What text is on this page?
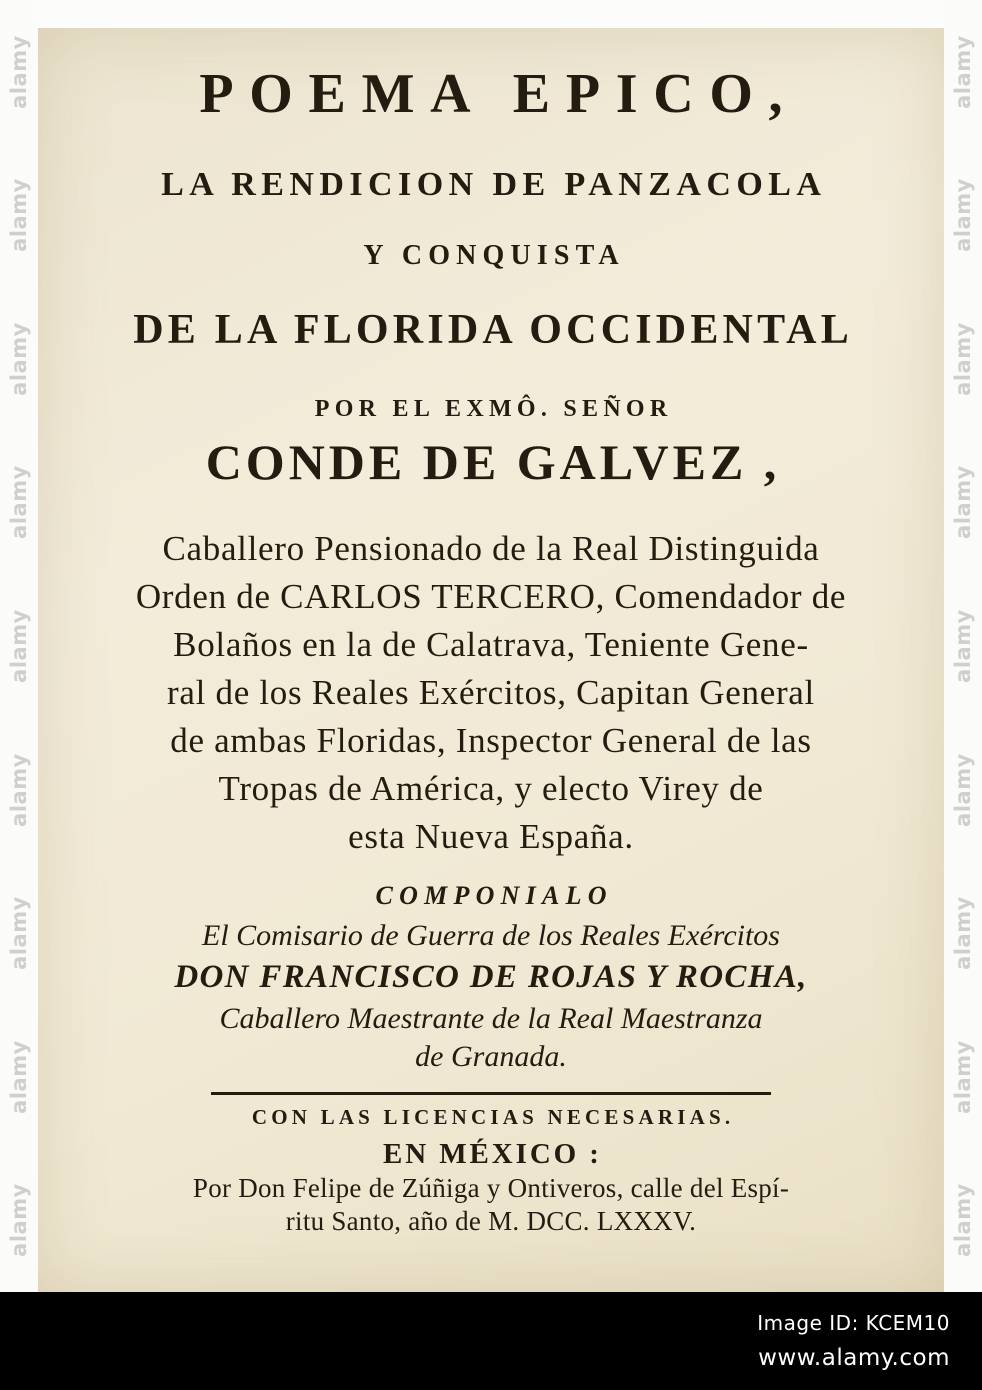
alamy
alamy
alamy
alamy
alamy
alamy
alamy
alamy
alamy
alamy
alamy
alamy
alamy
alamy
alamy
alamy
alamy
alamy
POEMA EPICO,
LA RENDICION DE PANZACOLA
Y CONQUISTA
DE LA FLORIDA OCCIDENTAL
POR EL EXMÔ. SEÑOR
CONDE DE GALVEZ ,
Caballero Pensionado de la Real Distinguida
Orden de CARLOS TERCERO, Comendador de
Bolaños en la de Calatrava, Teniente Gene-
ral de los Reales Exércitos, Capitan General
de ambas Floridas, Inspector General de las
Tropas de América, y electo Virey de
esta Nueva España.
COMPONIALO
El Comisario de Guerra de los Reales Exércitos
DON FRANCISCO DE ROJAS Y ROCHA,
Caballero Maestrante de la Real Maestranza
de Granada.
CON LAS LICENCIAS NECESARIAS.
EN MÉXICO :
Por Don Felipe de Zúñiga y Ontiveros, calle del Espí-
ritu Santo, año de M. DCC. LXXXV.
Image ID: KCEM10
www.alamy.com
